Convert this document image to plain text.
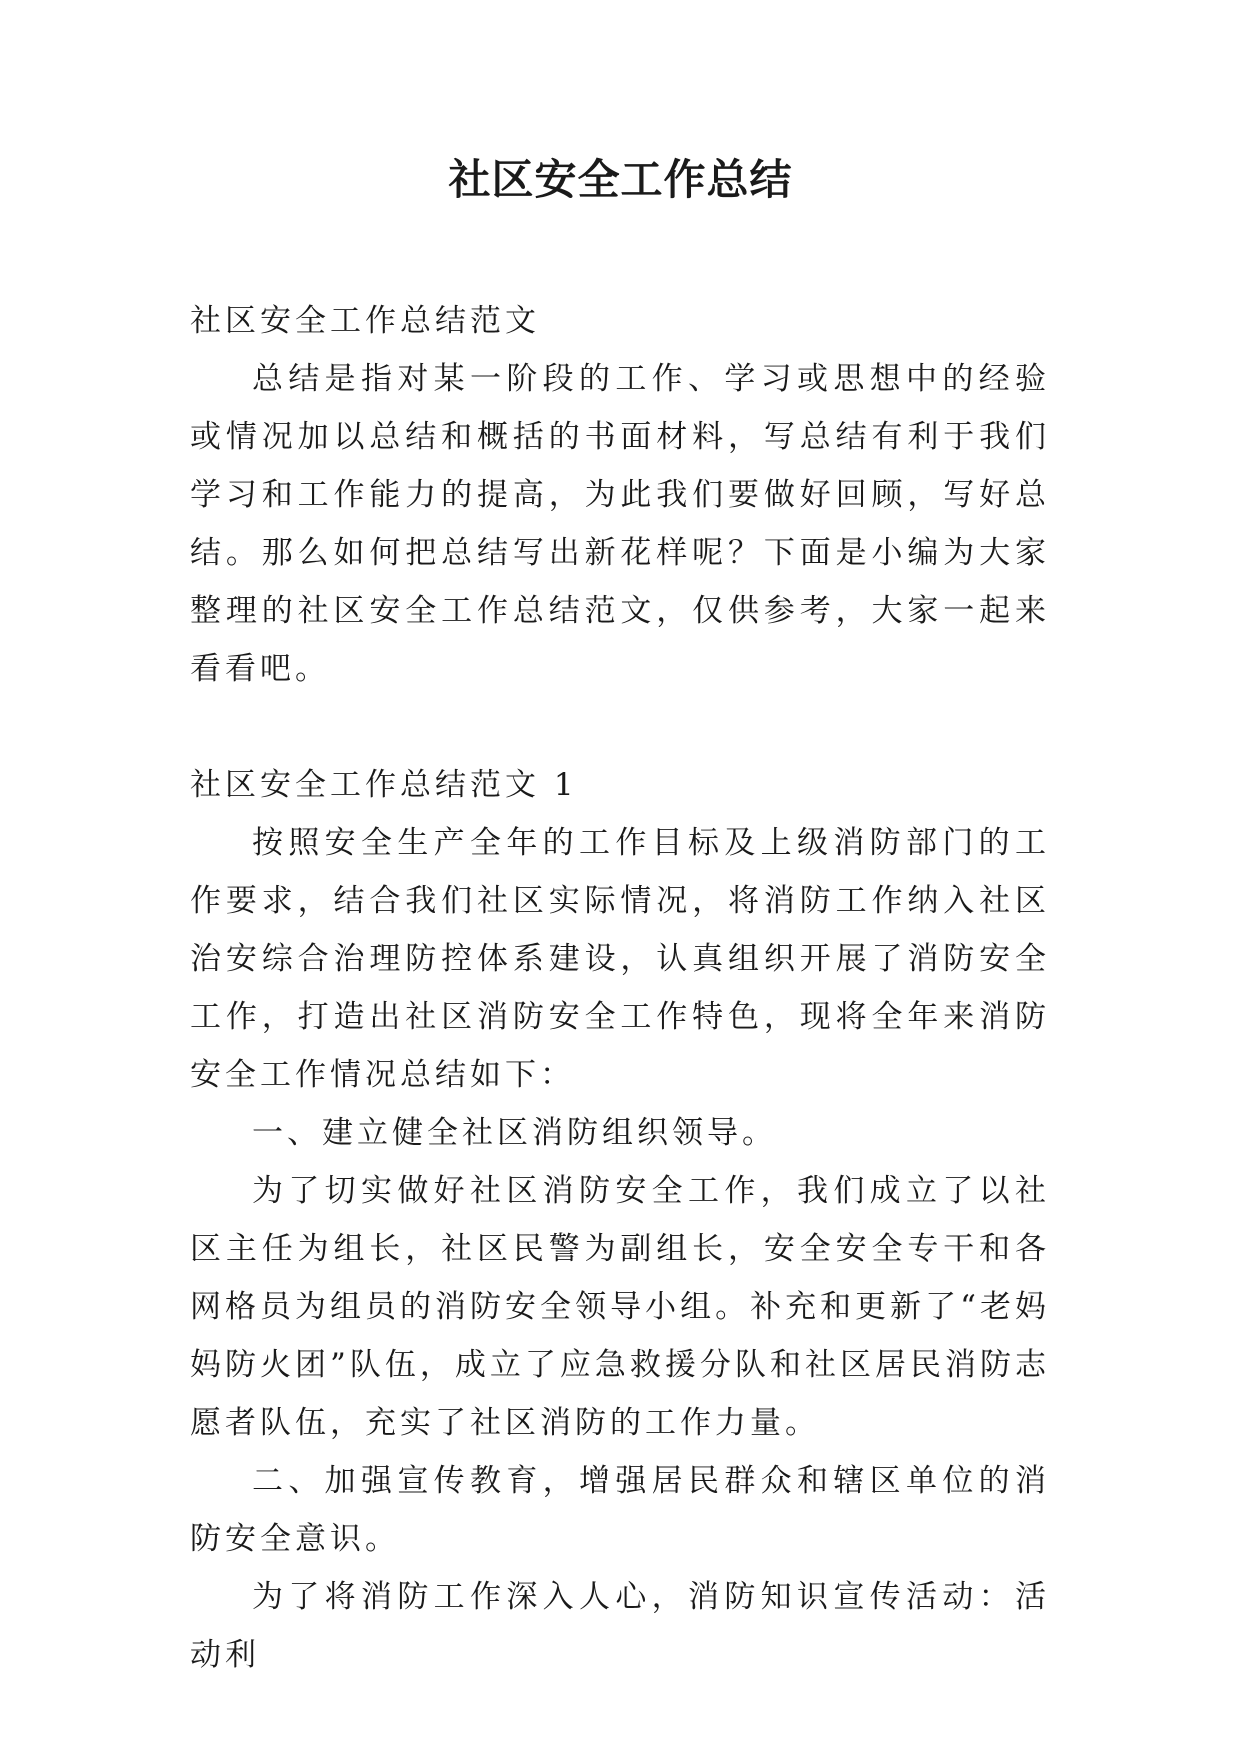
社区安全工作总结

社区安全工作总结范文

总结是指对某一阶段的工作、学习或思想中的经验或情况加以总结和概括的书面材料，写总结有利于我们学习和工作能力的提高，为此我们要做好回顾，写好总结。那么如何把总结写出新花样呢？下面是小编为大家整理的社区安全工作总结范文，仅供参考，大家一起来看看吧。

社区安全工作总结范文 1

按照安全生产全年的工作目标及上级消防部门的工作要求，结合我们社区实际情况，将消防工作纳入社区治安综合治理防控体系建设，认真组织开展了消防安全工作，打造出社区消防安全工作特色，现将全年来消防安全工作情况总结如下：

一、建立健全社区消防组织领导。

为了切实做好社区消防安全工作，我们成立了以社区主任为组长，社区民警为副组长，安全安全专干和各网格员为组员的消防安全领导小组。补充和更新了“老妈妈防火团”队伍，成立了应急救援分队和社区居民消防志愿者队伍，充实了社区消防的工作力量。

二、加强宣传教育，增强居民群众和辖区单位的消防安全意识。

为了将消防工作深入人心，消防知识宣传活动：活动利
